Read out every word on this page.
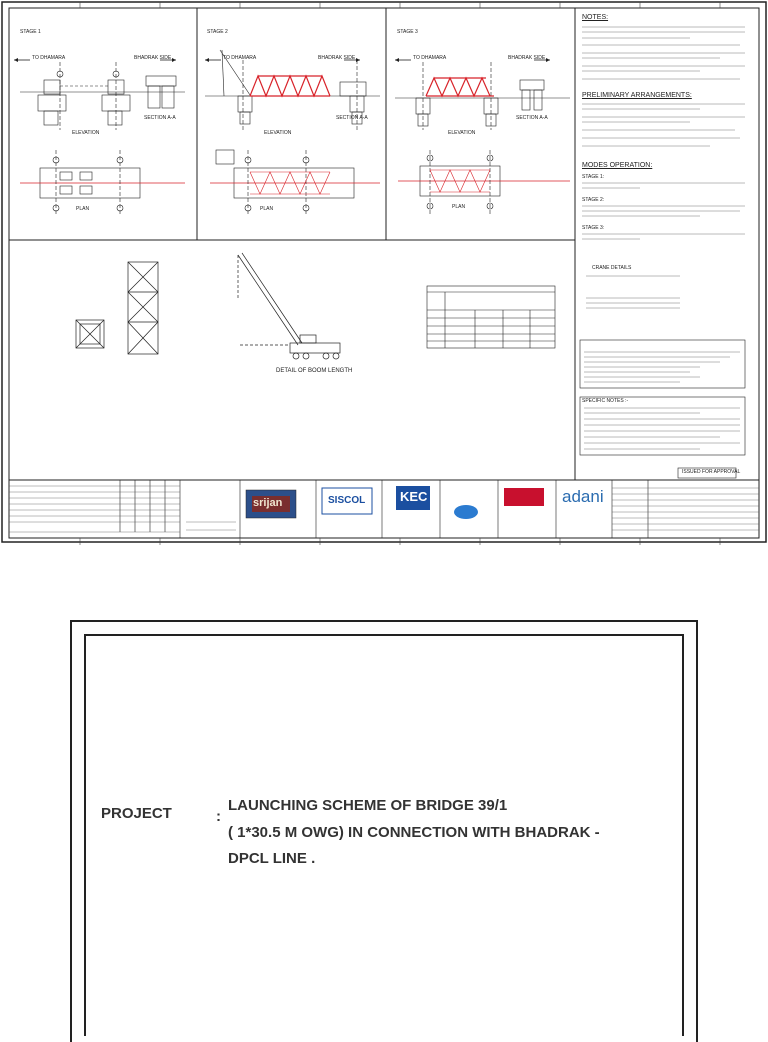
STAGE 1	STAGE 2	STAGE 3
TO DHAMARA	BHADRAK SIDE	TO DHAMARA	BHADRAK SIDE	TO DHAMARA	BHADRAK SIDE
ELEVATION
SECTION A-A
ELEVATION
SECTION A-A
ELEVATION
SECTION A-A
PLAN	PLAN	PLAN
DETAIL OF BOOM LENGTH
NOTES:
PRELIMINARY ARRANGEMENTS:
MODES OPERATION:
STAGE 1:
STAGE 2:
STAGE 3:
CRANE DETAILS
SPECIFIC NOTES :-
ISSUED FOR APPROVAL
srijan	SISCOL	KEC	adani
PROJECT	:
LAUNCHING SCHEME OF BRIDGE 39/1
( 1*30.5 M OWG) IN CONNECTION WITH BHADRAK -
DPCL LINE .
